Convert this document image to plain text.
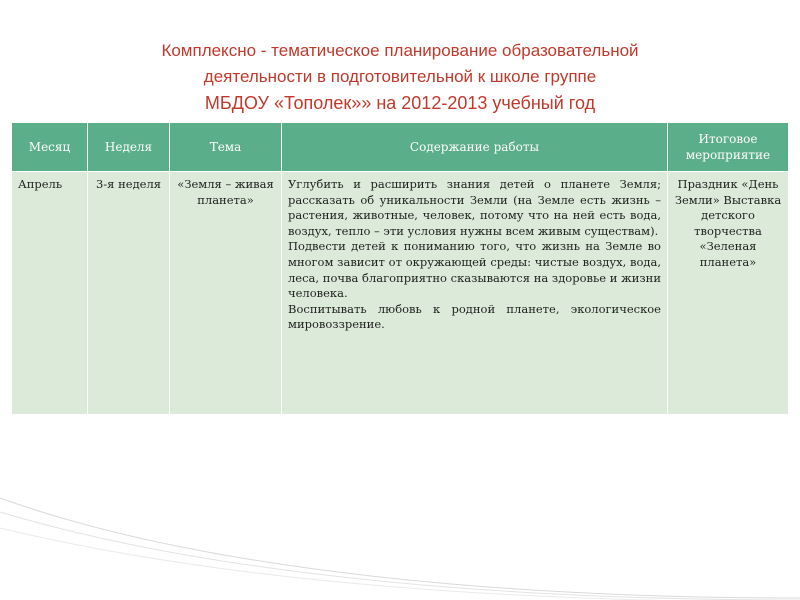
Комплексно - тематическое планирование образовательной
деятельности в подготовительной к школе группе
МБДОУ «Тополек»» на 2012-2013 учебный год
Месяц	Неделя	Тема	Содержание работы	Итоговое мероприятие
Апрель	3-я неделя	«Земля – живая планета»	Углубить и расширить знания детей о планете Земля; рассказать об уникальности Земли (на Земле есть жизнь – растения, животные, человек, потому что на ней есть вода, воздух, тепло – эти условия нужны всем живым существам).

Подвести детей к пониманию того, что жизнь на Земле во многом зависит от окружающей среды: чистые воздух, вода, леса, почва благоприятно сказываются на здоровье и жизни человека.

Воспитывать любовь к родной планете, экологическое мировоззрение.	Праздник «День Земли» Выставка детского творчества «Зеленая планета»
